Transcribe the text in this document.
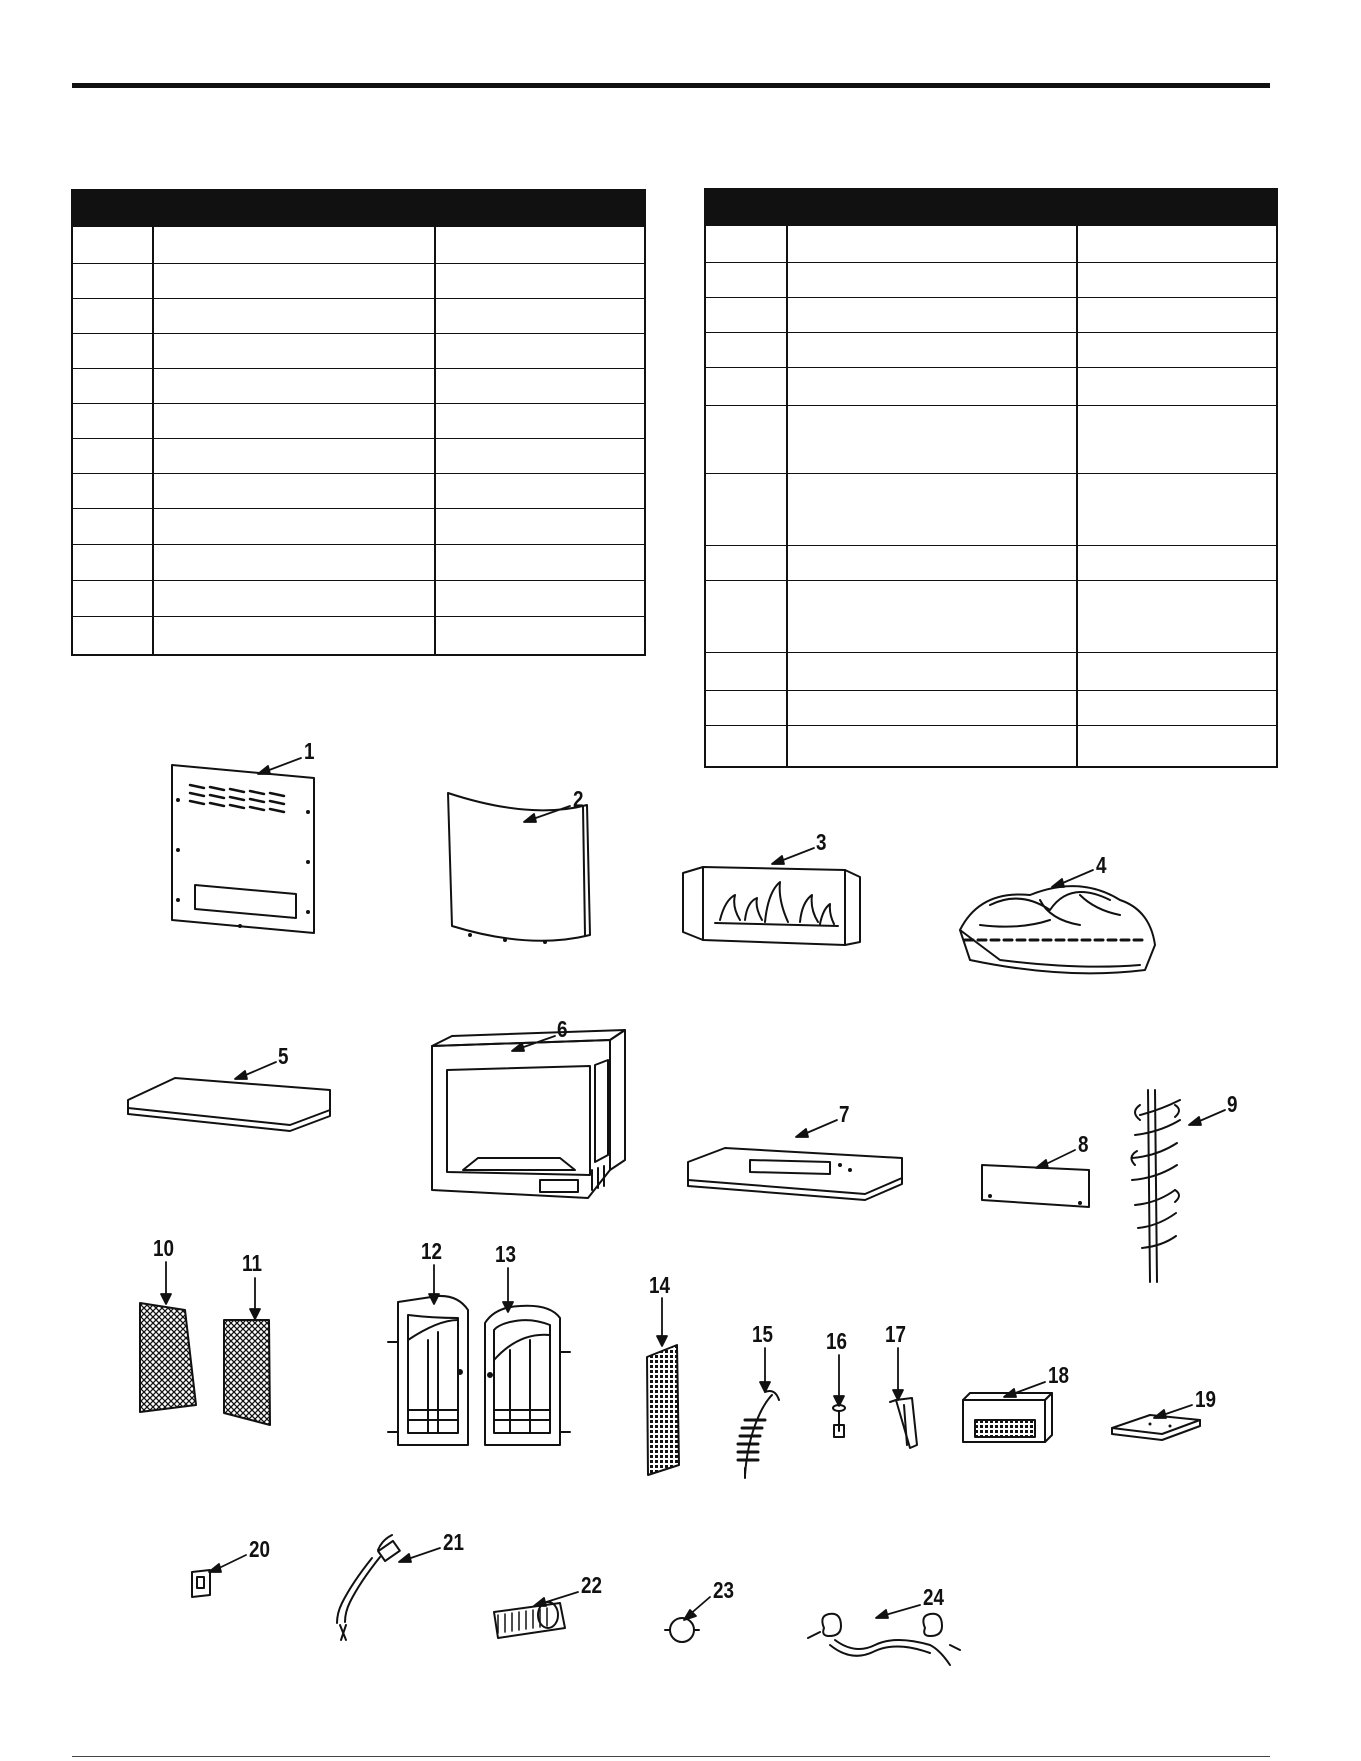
1
2
3
4
5
6
7
8
9
10
11	12 13
14
15 16 17
18
19
20	21
22	23	24
